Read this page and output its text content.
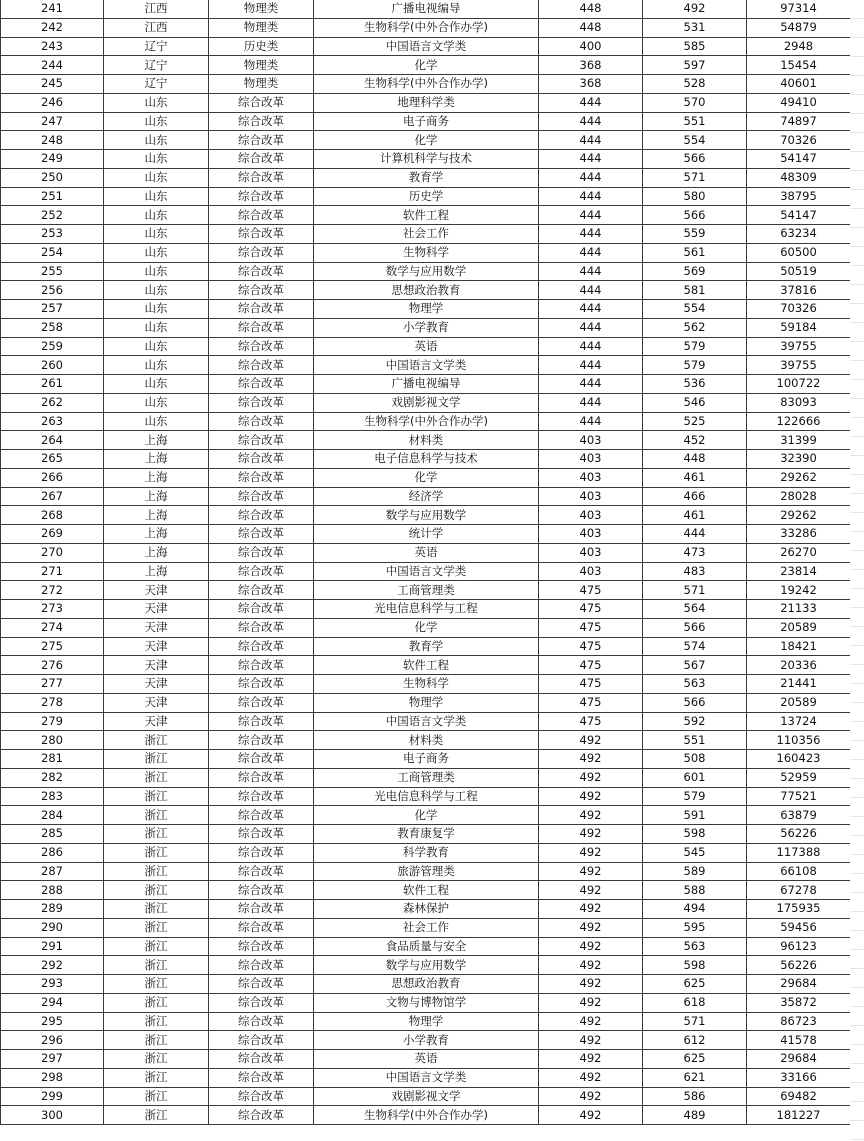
241	江西	物理类	广播电视编导	448	492	97314
242	江西	物理类	生物科学(中外合作办学)	448	531	54879
243	辽宁	历史类	中国语言文学类	400	585	2948
244	辽宁	物理类	化学	368	597	15454
245	辽宁	物理类	生物科学(中外合作办学)	368	528	40601
246	山东	综合改革	地理科学类	444	570	49410
247	山东	综合改革	电子商务	444	551	74897
248	山东	综合改革	化学	444	554	70326
249	山东	综合改革	计算机科学与技术	444	566	54147
250	山东	综合改革	教育学	444	571	48309
251	山东	综合改革	历史学	444	580	38795
252	山东	综合改革	软件工程	444	566	54147
253	山东	综合改革	社会工作	444	559	63234
254	山东	综合改革	生物科学	444	561	60500
255	山东	综合改革	数学与应用数学	444	569	50519
256	山东	综合改革	思想政治教育	444	581	37816
257	山东	综合改革	物理学	444	554	70326
258	山东	综合改革	小学教育	444	562	59184
259	山东	综合改革	英语	444	579	39755
260	山东	综合改革	中国语言文学类	444	579	39755
261	山东	综合改革	广播电视编导	444	536	100722
262	山东	综合改革	戏剧影视文学	444	546	83093
263	山东	综合改革	生物科学(中外合作办学)	444	525	122666
264	上海	综合改革	材料类	403	452	31399
265	上海	综合改革	电子信息科学与技术	403	448	32390
266	上海	综合改革	化学	403	461	29262
267	上海	综合改革	经济学	403	466	28028
268	上海	综合改革	数学与应用数学	403	461	29262
269	上海	综合改革	统计学	403	444	33286
270	上海	综合改革	英语	403	473	26270
271	上海	综合改革	中国语言文学类	403	483	23814
272	天津	综合改革	工商管理类	475	571	19242
273	天津	综合改革	光电信息科学与工程	475	564	21133
274	天津	综合改革	化学	475	566	20589
275	天津	综合改革	教育学	475	574	18421
276	天津	综合改革	软件工程	475	567	20336
277	天津	综合改革	生物科学	475	563	21441
278	天津	综合改革	物理学	475	566	20589
279	天津	综合改革	中国语言文学类	475	592	13724
280	浙江	综合改革	材料类	492	551	110356
281	浙江	综合改革	电子商务	492	508	160423
282	浙江	综合改革	工商管理类	492	601	52959
283	浙江	综合改革	光电信息科学与工程	492	579	77521
284	浙江	综合改革	化学	492	591	63879
285	浙江	综合改革	教育康复学	492	598	56226
286	浙江	综合改革	科学教育	492	545	117388
287	浙江	综合改革	旅游管理类	492	589	66108
288	浙江	综合改革	软件工程	492	588	67278
289	浙江	综合改革	森林保护	492	494	175935
290	浙江	综合改革	社会工作	492	595	59456
291	浙江	综合改革	食品质量与安全	492	563	96123
292	浙江	综合改革	数学与应用数学	492	598	56226
293	浙江	综合改革	思想政治教育	492	625	29684
294	浙江	综合改革	文物与博物馆学	492	618	35872
295	浙江	综合改革	物理学	492	571	86723
296	浙江	综合改革	小学教育	492	612	41578
297	浙江	综合改革	英语	492	625	29684
298	浙江	综合改革	中国语言文学类	492	621	33166
299	浙江	综合改革	戏剧影视文学	492	586	69482
300	浙江	综合改革	生物科学(中外合作办学)	492	489	181227
